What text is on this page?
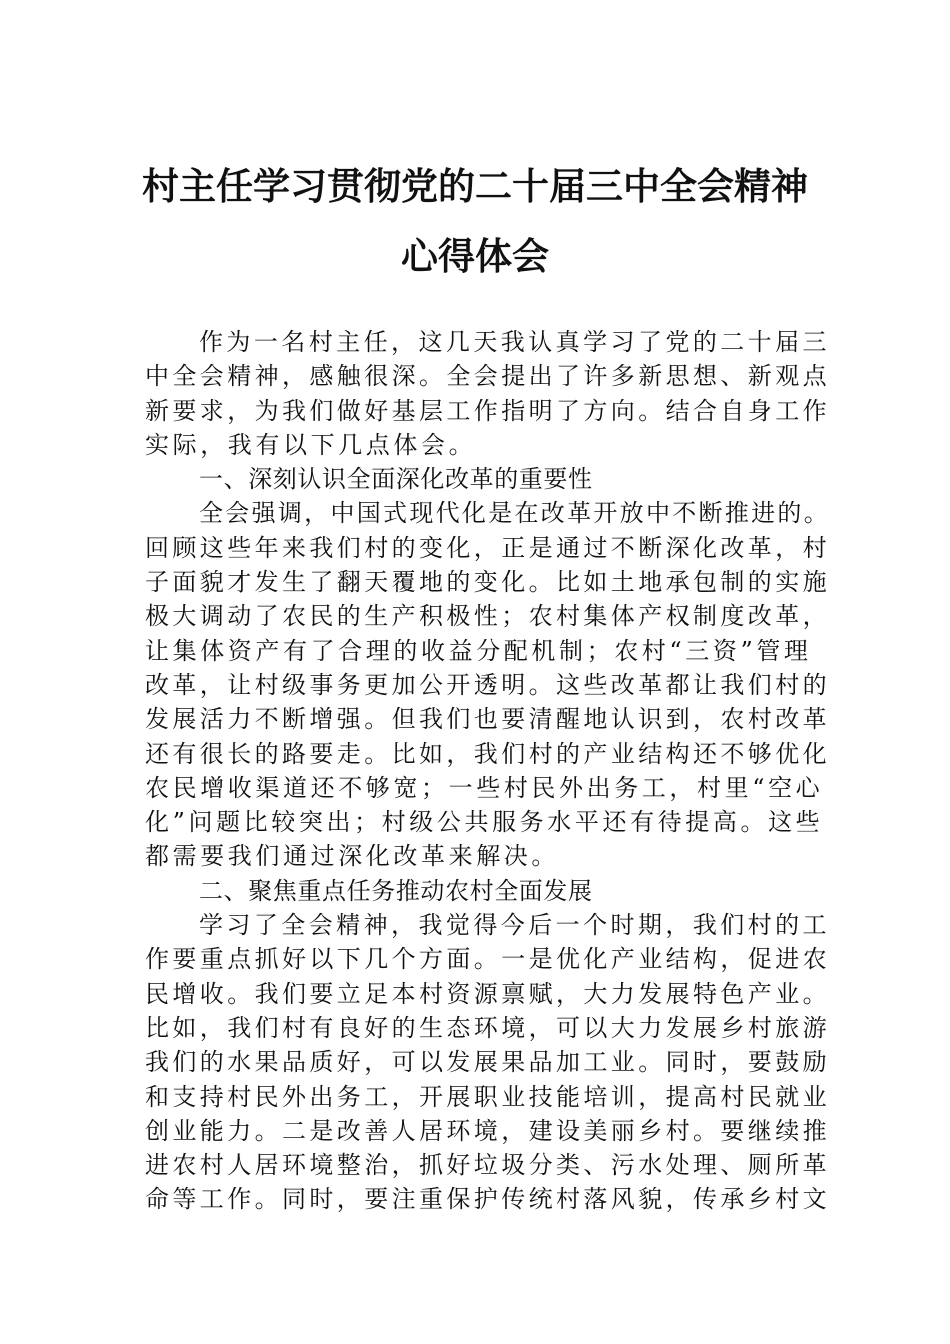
村主任学习贯彻党的二十届三中全会精神
心得体会
作为一名村主任，这几天我认真学习了党的二十届三
中全会精神，感触很深。全会提出了许多新思想、新观点
新要求，为我们做好基层工作指明了方向。结合自身工作
实际，我有以下几点体会。
一、深刻认识全面深化改革的重要性
全会强调，中国式现代化是在改革开放中不断推进的。
回顾这些年来我们村的变化，正是通过不断深化改革，村
子面貌才发生了翻天覆地的变化。比如土地承包制的实施
极大调动了农民的生产积极性；农村集体产权制度改革，
让集体资产有了合理的收益分配机制；农村“三资”管理
改革，让村级事务更加公开透明。这些改革都让我们村的
发展活力不断增强。但我们也要清醒地认识到，农村改革
还有很长的路要走。比如，我们村的产业结构还不够优化
农民增收渠道还不够宽；一些村民外出务工，村里“空心
化”问题比较突出；村级公共服务水平还有待提高。这些
都需要我们通过深化改革来解决。
二、聚焦重点任务推动农村全面发展
学习了全会精神，我觉得今后一个时期，我们村的工
作要重点抓好以下几个方面。一是优化产业结构，促进农
民增收。我们要立足本村资源禀赋，大力发展特色产业。
比如，我们村有良好的生态环境，可以大力发展乡村旅游
我们的水果品质好，可以发展果品加工业。同时，要鼓励
和支持村民外出务工，开展职业技能培训，提高村民就业
创业能力。二是改善人居环境，建设美丽乡村。要继续推
进农村人居环境整治，抓好垃圾分类、污水处理、厕所革
命等工作。同时，要注重保护传统村落风貌，传承乡村文
